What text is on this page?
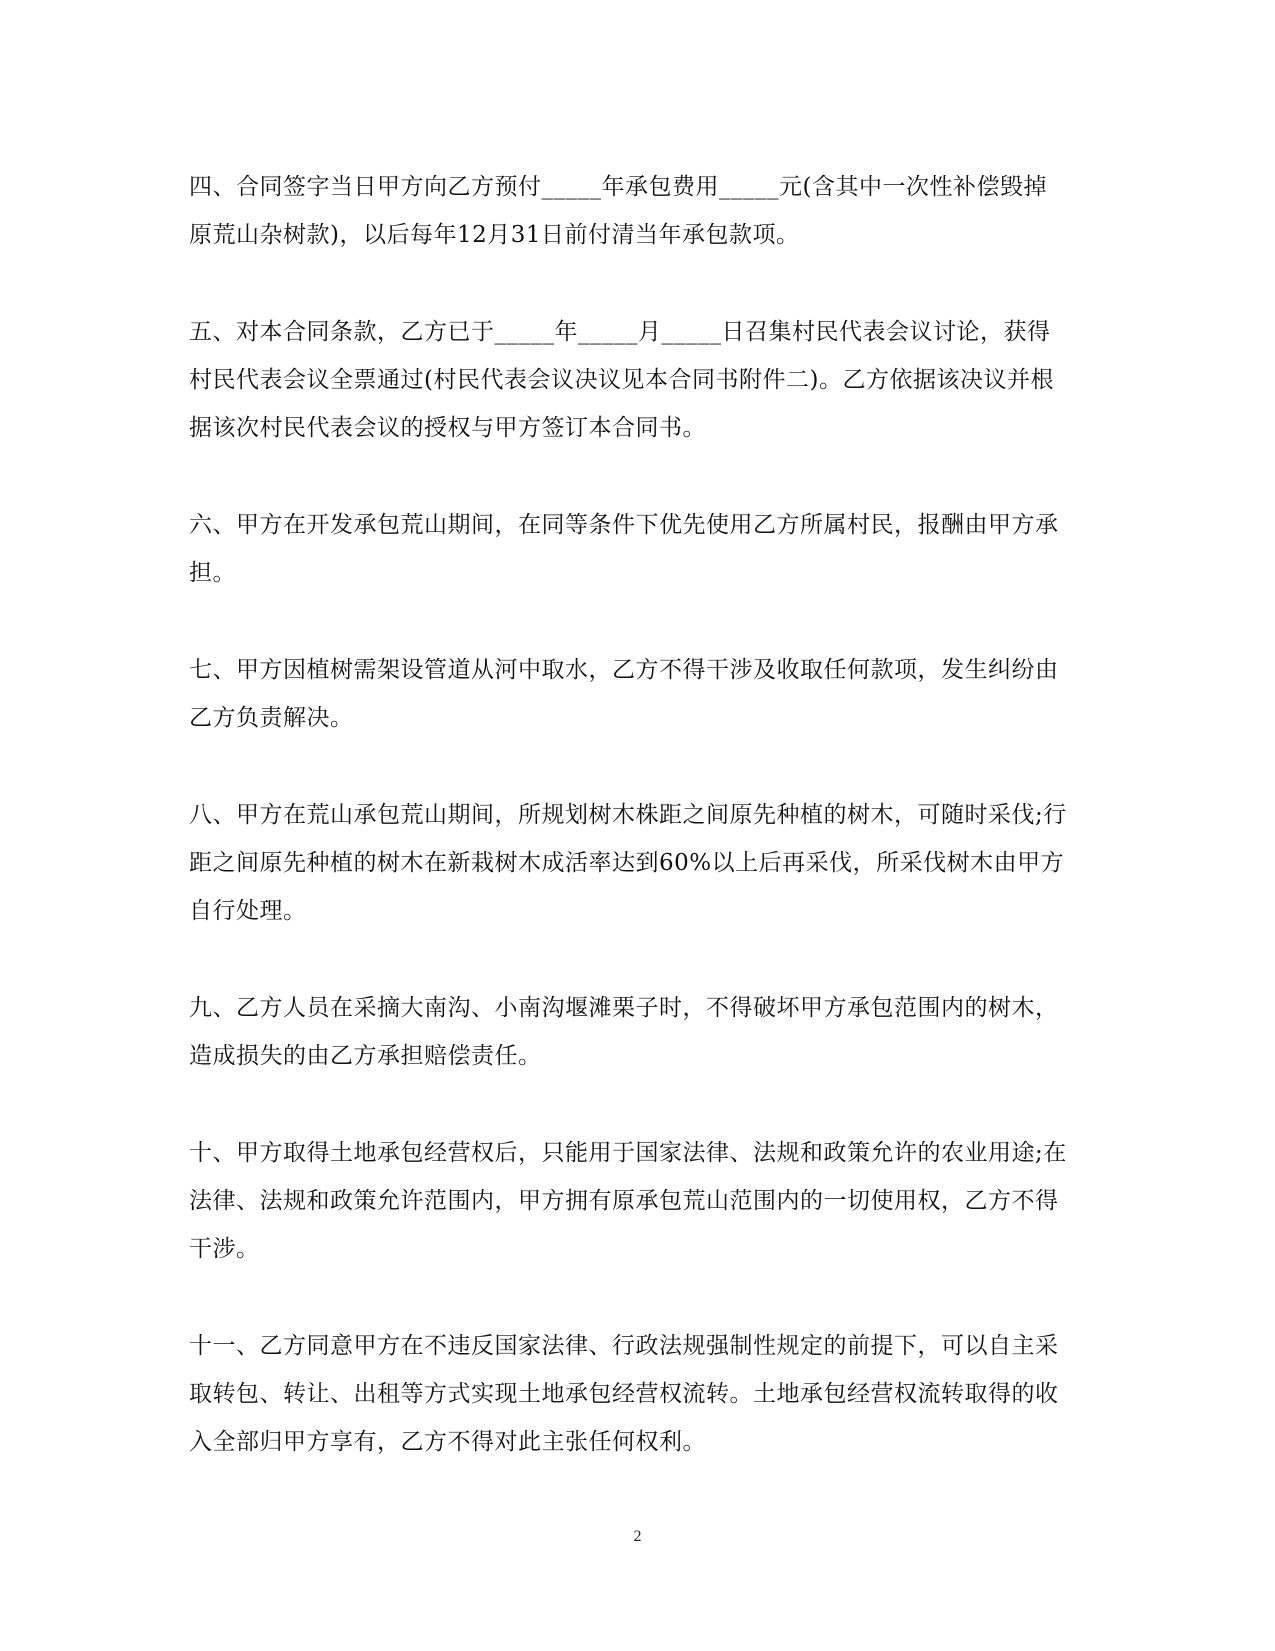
四、合同签字当日甲方向乙方预付_____年承包费用_____元(含其中一次性补偿毁掉原荒山杂树款)，以后每年12月31日前付清当年承包款项。

五、对本合同条款，乙方已于_____年_____月_____日召集村民代表会议讨论，获得村民代表会议全票通过(村民代表会议决议见本合同书附件二)。乙方依据该决议并根据该次村民代表会议的授权与甲方签订本合同书。

六、甲方在开发承包荒山期间，在同等条件下优先使用乙方所属村民，报酬由甲方承担。

七、甲方因植树需架设管道从河中取水，乙方不得干涉及收取任何款项，发生纠纷由乙方负责解决。

八、甲方在荒山承包荒山期间，所规划树木株距之间原先种植的树木，可随时采伐;行距之间原先种植的树木在新栽树木成活率达到60%以上后再采伐，所采伐树木由甲方自行处理。

九、乙方人员在采摘大南沟、小南沟堰滩栗子时，不得破坏甲方承包范围内的树木，造成损失的由乙方承担赔偿责任。

十、甲方取得土地承包经营权后，只能用于国家法律、法规和政策允许的农业用途;在法律、法规和政策允许范围内，甲方拥有原承包荒山范围内的一切使用权，乙方不得干涉。

十一、乙方同意甲方在不违反国家法律、行政法规强制性规定的前提下，可以自主采取转包、转让、出租等方式实现土地承包经营权流转。土地承包经营权流转取得的收入全部归甲方享有，乙方不得对此主张任何权利。

2
